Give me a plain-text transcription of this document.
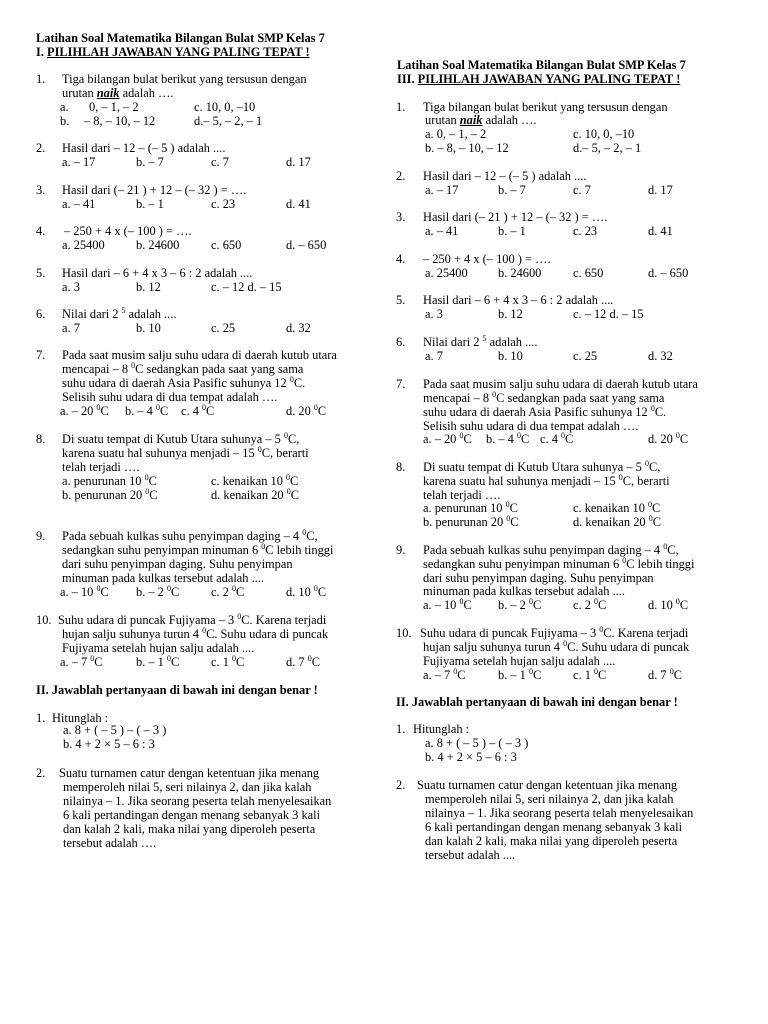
Latihan Soal Matematika Bilangan Bulat SMP Kelas 7
I. PILIHLAH JAWABAN YANG PALING TEPAT !
1. Tiga bilangan bulat berikut yang tersusun dengan
urutan naik adalah ….
a. 0, – 1, – 2	c. 10, 0, –10
b. – 8, – 10, – 12	d.– 5, – 2, – 1
2. Hasil dari – 12 – (– 5 ) adalah ....
a. – 17	b. – 7	c. 7	d. 17
3. Hasil dari (– 21 ) + 12 – (– 32 ) = ….
a. – 41	b. – 1	c. 23	d. 41
4. – 250 + 4 x (– 100 ) = ….
a. 25400	b. 24600	c. 650	d. – 650
5. Hasil dari – 6 + 4 x 3 – 6 : 2 adalah ....
a. 3	b. 12	c. – 12 d. – 15
6. Nilai dari 2 $^5$ adalah ....
a. 7	b. 10	c. 25	d. 32
7. Pada saat musim salju suhu udara di daerah kutub utara
mencapai – 8 $^0$C sedangkan pada saat yang sama
suhu udara di daerah Asia Pasific suhunya 12 $^0$C.
Selisih suhu udara di dua tempat adalah ….
a. – 20 $^0$C b. – 4 $^0$C c. 4 $^0$C	d. 20 $^0$C
8. Di suatu tempat di Kutub Utara suhunya – 5 $^0$C,
karena suatu hal suhunya menjadi – 15 $^0$C, berarti
telah terjadi ….
a. penurunan 10 $^0$C	c. kenaikan 10 $^0$C
b. penurunan 20 $^0$C	d. kenaikan 20 $^0$C
9. Pada sebuah kulkas suhu penyimpan daging – 4 $^0$C,
sedangkan suhu penyimpan minuman 6 $^0$C lebih tinggi
dari suhu penyimpan daging. Suhu penyimpan
minuman pada kulkas tersebut adalah ....
a. – 10 $^0$C b. – 2 $^0$C	c. 2 $^0$C	d. 10 $^0$C
10. Suhu udara di puncak Fujiyama – 3 $^0$C. Karena terjadi
hujan salju suhunya turun 4 $^0$C. Suhu udara di puncak
Fujiyama setelah hujan salju adalah ....
a. – 7 $^0$C	b. – 1 $^0$C	c. 1 $^0$C	d. 7 $^0$C
II. Jawablah pertanyaan di bawah ini dengan benar !
1. Hitunglah :
a. 8 + ( – 5 ) – ( – 3 )
b. 4 + 2 × 5 – 6 : 3
2. Suatu turnamen catur dengan ketentuan jika menang
memperoleh nilai 5, seri nilainya 2, dan jika kalah
nilainya – 1. Jika seorang peserta telah menyelesaikan
6 kali pertandingan dengan menang sebanyak 3 kali
dan kalah 2 kali, maka nilai yang diperoleh peserta
tersebut adalah ….
Latihan Soal Matematika Bilangan Bulat SMP Kelas 7
III. PILIHLAH JAWABAN YANG PALING TEPAT !
1. Tiga bilangan bulat berikut yang tersusun dengan
urutan naik adalah ….
a. 0, – 1, – 2	c. 10, 0, –10
b. – 8, – 10, – 12	d.– 5, – 2, – 1
2. Hasil dari – 12 – (– 5 ) adalah ....
a. – 17	b. – 7	c. 7	d. 17
3. Hasil dari (– 21 ) + 12 – (– 32 ) = ….
a. – 41	b. – 1	c. 23	d. 41
4. – 250 + 4 x (– 100 ) = ….
a. 25400 b. 24600	c. 650	d. – 650
5. Hasil dari – 6 + 4 x 3 – 6 : 2 adalah ....
a. 3	b. 12	c. – 12 d. – 15
6. Nilai dari 2 $^5$ adalah ....
a. 7	b. 10	c. 25	d. 32
7. Pada saat musim salju suhu udara di daerah kutub utara
mencapai – 8 $^0$C sedangkan pada saat yang sama
suhu udara di daerah Asia Pasific suhunya 12 $^0$C.
Selisih suhu udara di dua tempat adalah ….
a. – 20 $^0$C b. – 4 $^0$C c. 4 $^0$C	d. 20 $^0$C
8. Di suatu tempat di Kutub Utara suhunya – 5 $^0$C,
karena suatu hal suhunya menjadi – 15 $^0$C, berarti
telah terjadi ….
a. penurunan 10 $^0$C	c. kenaikan 10 $^0$C
b. penurunan 20 $^0$C	d. kenaikan 20 $^0$C
9. Pada sebuah kulkas suhu penyimpan daging – 4 $^0$C,
sedangkan suhu penyimpan minuman 6 $^0$C lebih tinggi
dari suhu penyimpan daging. Suhu penyimpan
minuman pada kulkas tersebut adalah ....
a. – 10 $^0$C b. – 2 $^0$C	c. 2 $^0$C	d. 10 $^0$C
10. Suhu udara di puncak Fujiyama – 3 $^0$C. Karena terjadi
hujan salju suhunya turun 4 $^0$C. Suhu udara di puncak
Fujiyama setelah hujan salju adalah ....
a. – 7 $^0$C	b. – 1 $^0$C	c. 1 $^0$C	d. 7 $^0$C
II. Jawablah pertanyaan di bawah ini dengan benar !
1. Hitunglah :
a. 8 + ( – 5 ) – ( – 3 )
b. 4 + 2 × 5 – 6 : 3
2. Suatu turnamen catur dengan ketentuan jika menang
memperoleh nilai 5, seri nilainya 2, dan jika kalah
nilainya – 1. Jika seorang peserta telah menyelesaikan
6 kali pertandingan dengan menang sebanyak 3 kali
dan kalah 2 kali, maka nilai yang diperoleh peserta
tersebut adalah ....
